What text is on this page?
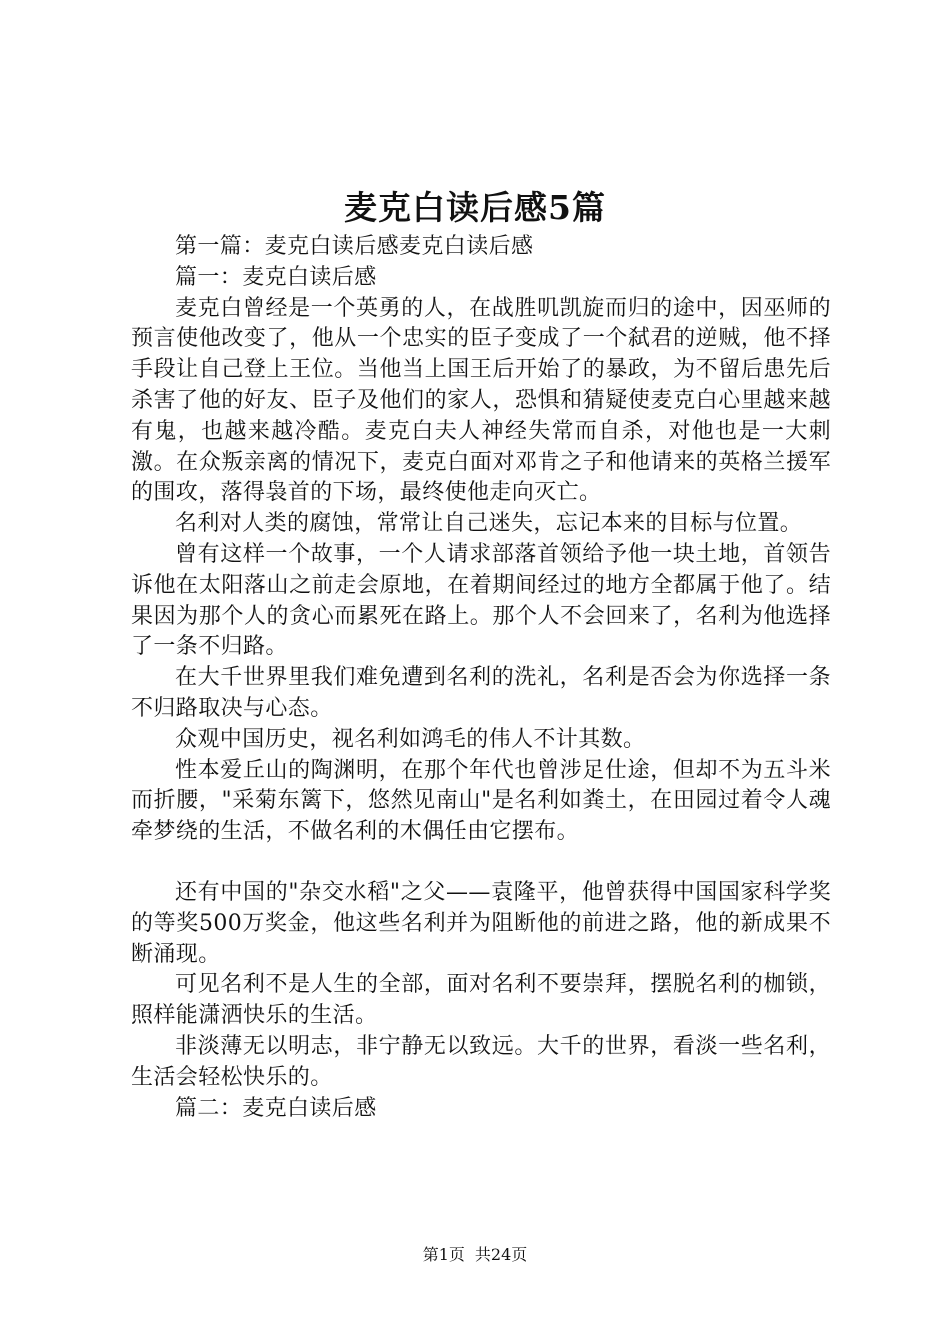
麦克白读后感5篇

第一篇：麦克白读后感麦克白读后感

篇一：麦克白读后感

麦克白曾经是一个英勇的人，在战胜叽凯旋而归的途中，因巫师的预言使他改变了，他从一个忠实的臣子变成了一个弑君的逆贼，他不择手段让自己登上王位。当他当上国王后开始了的暴政，为不留后患先后杀害了他的好友、臣子及他们的家人，恐惧和猜疑使麦克白心里越来越有鬼，也越来越冷酷。麦克白夫人神经失常而自杀，对他也是一大刺激。在众叛亲离的情况下，麦克白面对邓肯之子和他请来的英格兰援军的围攻，落得袅首的下场，最终使他走向灭亡。

名利对人类的腐蚀，常常让自己迷失，忘记本来的目标与位置。

曾有这样一个故事，一个人请求部落首领给予他一块土地，首领告诉他在太阳落山之前走会原地，在着期间经过的地方全都属于他了。结果因为那个人的贪心而累死在路上。那个人不会回来了，名利为他选择了一条不归路。

在大千世界里我们难免遭到名利的洗礼，名利是否会为你选择一条不归路取决与心态。

众观中国历史，视名利如鸿毛的伟人不计其数。

性本爱丘山的陶渊明，在那个年代也曾涉足仕途，但却不为五斗米而折腰，"采菊东篱下，悠然见南山"是名利如粪土，在田园过着令人魂牵梦绕的生活，不做名利的木偶任由它摆布。

还有中国的"杂交水稻"之父——袁隆平，他曾获得中国国家科学奖的等奖500万奖金，他这些名利并为阻断他的前进之路，他的新成果不断涌现。

可见名利不是人生的全部，面对名利不要崇拜，摆脱名利的枷锁，照样能潇洒快乐的生活。

非淡薄无以明志，非宁静无以致远。大千的世界，看淡一些名利，生活会轻松快乐的。

篇二：麦克白读后感

第1页 共24页
